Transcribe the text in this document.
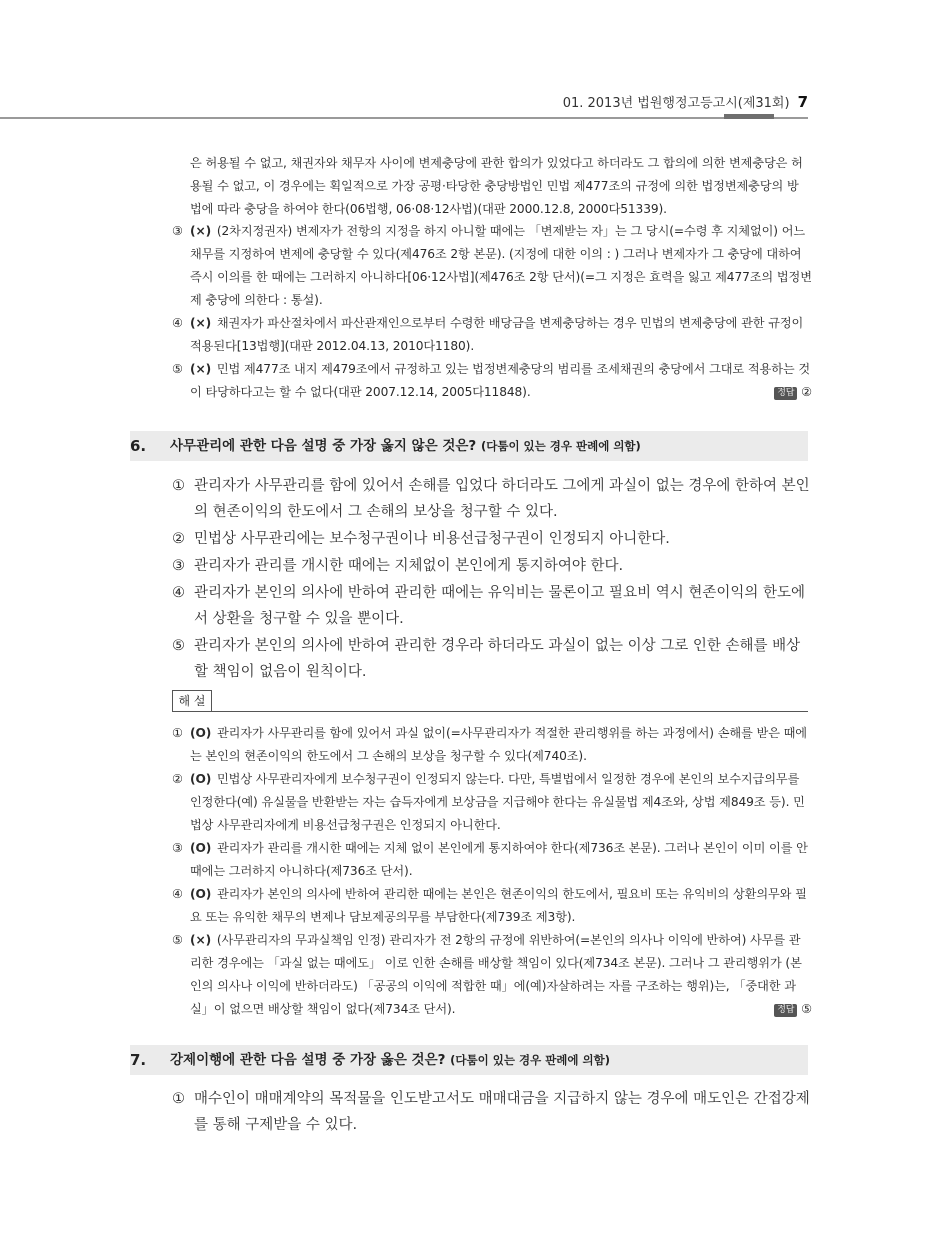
01. 2013년 법원행정고등고시(제31회) 7
은 허용될 수 없고, 채권자와 채무자 사이에 변제충당에 관한 합의가 있었다고 하더라도 그 합의에 의한 변제충당은 허용될 수 없고, 이 경우에는 획일적으로 가장 공평·타당한 충당방법인 민법 제477조의 규정에 의한 법정변제충당의 방법에 따라 충당을 하여야 한다(06법행, 06·08·12사법)(대판 2000.12.8, 2000다51339).
③ (×) (2차지정권자) 변제자가 전항의 지정을 하지 아니할 때에는 「변제받는 자」는 그 당시(=수령 후 지체없이) 어느 채무를 지정하여 변제에 충당할 수 있다(제476조 2항 본문). (지정에 대한 이의 : ) 그러나 변제자가 그 충당에 대하여 즉시 이의를 한 때에는 그러하지 아니하다[06·12사법](제476조 2항 단서)(=그 지정은 효력을 잃고 제477조의 법정변제 충당에 의한다 : 통설).
④ (×) 채권자가 파산절차에서 파산관재인으로부터 수령한 배당금을 변제충당하는 경우 민법의 변제충당에 관한 규정이 적용된다[13법행](대판 2012.04.13, 2010다1180).
⑤ (×) 민법 제477조 내지 제479조에서 규정하고 있는 법정변제충당의 범리를 조세채권의 충당에서 그대로 적용하는 것이 타당하다고는 할 수 없다(대판 2007.12.14, 2005다11848).	정답 ②
6.	사무관리에 관한 다음 설명 중 가장 옳지 않은 것은? (다툼이 있는 경우 판례에 의함)
① 관리자가 사무관리를 함에 있어서 손해를 입었다 하더라도 그에게 과실이 없는 경우에 한하여 본인의 현존이익의 한도에서 그 손해의 보상을 청구할 수 있다.
② 민법상 사무관리에는 보수청구권이나 비용선급청구권이 인정되지 아니한다.
③ 관리자가 관리를 개시한 때에는 지체없이 본인에게 통지하여야 한다.
④ 관리자가 본인의 의사에 반하여 관리한 때에는 유익비는 물론이고 필요비 역시 현존이익의 한도에서 상환을 청구할 수 있을 뿐이다.
⑤ 관리자가 본인의 의사에 반하여 관리한 경우라 하더라도 과실이 없는 이상 그로 인한 손해를 배상할 책임이 없음이 원칙이다.
해 설
① (O) 관리자가 사무관리를 함에 있어서 과실 없이(=사무관리자가 적절한 관리행위를 하는 과정에서) 손해를 받은 때에는 본인의 현존이익의 한도에서 그 손해의 보상을 청구할 수 있다(제740조).
② (O) 민법상 사무관리자에게 보수청구권이 인정되지 않는다. 다만, 특별법에서 일정한 경우에 본인의 보수지급의무를 인정한다(예) 유실물을 반환받는 자는 습득자에게 보상금을 지급해야 한다는 유실물법 제4조와, 상법 제849조 등). 민법상 사무관리자에게 비용선급청구권은 인정되지 아니한다.
③ (O) 관리자가 관리를 개시한 때에는 지체 없이 본인에게 통지하여야 한다(제736조 본문). 그러나 본인이 이미 이를 안 때에는 그러하지 아니하다(제736조 단서).
④ (O) 관리자가 본인의 의사에 반하여 관리한 때에는 본인은 현존이익의 한도에서, 필요비 또는 유익비의 상환의무와 필요 또는 유익한 채무의 변제나 담보제공의무를 부담한다(제739조 제3항).
⑤ (×) (사무관리자의 무과실책임 인정) 관리자가 전 2항의 규정에 위반하여(=본인의 의사나 이익에 반하여) 사무를 관리한 경우에는 「과실 없는 때에도」 이로 인한 손해를 배상할 책임이 있다(제734조 본문). 그러나 그 관리행위가 (본인의 의사나 이익에 반하더라도) 「공공의 이익에 적합한 때」에(예)자살하려는 자를 구조하는 행위)는, 「중대한 과실」이 없으면 배상할 책임이 없다(제734조 단서).	정답 ⑤
7.	강제이행에 관한 다음 설명 중 가장 옳은 것은? (다툼이 있는 경우 판례에 의함)
① 매수인이 매매계약의 목적물을 인도받고서도 매매대금을 지급하지 않는 경우에 매도인은 간접강제를 통해 구제받을 수 있다.
